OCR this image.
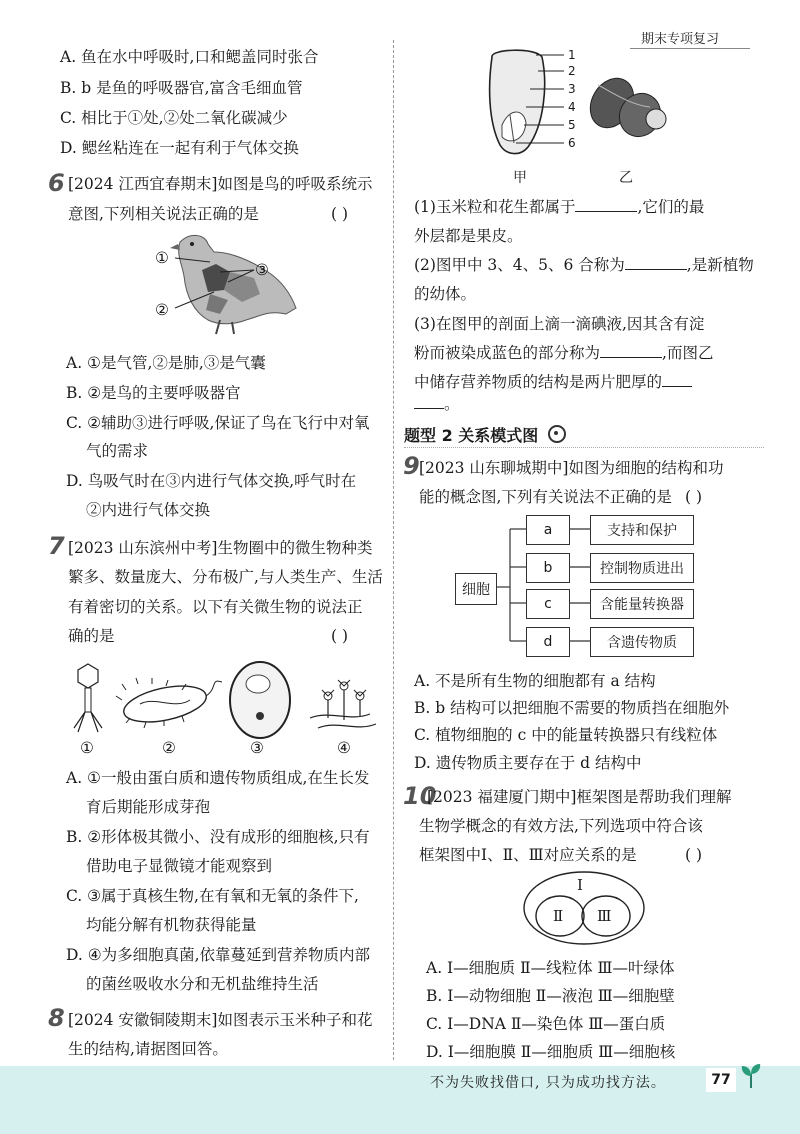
期末专项复习
A. 鱼在水中呼吸时,口和鳃盖同时张合
B. b 是鱼的呼吸器官,富含毛细血管
C. 相比于①处,②处二氧化碳减少
D. 鳃丝粘连在一起有利于气体交换
6 [2024 江西宜春期末]如图是鸟的呼吸系统示
意图,下列相关说法正确的是	( )
①
③
②
A. ①是气管,②是肺,③是气囊
B. ②是鸟的主要呼吸器官
C. ②辅助③进行呼吸,保证了鸟在飞行中对氧
气的需求
D. 鸟吸气时在③内进行气体交换,呼气时在
②内进行气体交换
7 [2023 山东滨州中考]生物圈中的微生物种类
繁多、数量庞大、分布极广,与人类生产、生活
有着密切的关系。以下有关微生物的说法正
确的是	( )
①	②	③	④
A. ①一般由蛋白质和遗传物质组成,在生长发
育后期能形成芽孢
B. ②形体极其微小、没有成形的细胞核,只有
借助电子显微镜才能观察到
C. ③属于真核生物,在有氧和无氧的条件下,
均能分解有机物获得能量
D. ④为多细胞真菌,依靠蔓延到营养物质内部
的菌丝吸收水分和无机盐维持生活
8 [2024 安徽铜陵期末]如图表示玉米种子和花
生的结构,请据图回答。
1
2
3
4
5
6
甲	乙
(1)玉米粒和花生都属于	,它们的最
外层都是果皮。
(2)图甲中 3、4、5、6 合称为	,是新植物
的幼体。
(3)在图甲的剖面上滴一滴碘液,因其含有淀
粉而被染成蓝色的部分称为	,而图乙
中储存营养物质的结构是两片肥厚的
。
题型 2 关系模式图
9 [2023 山东聊城期中]如图为细胞的结构和功
能的概念图,下列有关说法不正确的是 ( )
细胞
a
b
c
d
支持和保护
控制物质进出
含能量转换器
含遗传物质
A. 不是所有生物的细胞都有 a 结构
B. b 结构可以把细胞不需要的物质挡在细胞外
C. 植物细胞的 c 中的能量转换器只有线粒体
D. 遗传物质主要存在于 d 结构中
10
[2023 福建厦门期中]框架图是帮助我们理解
生物学概念的有效方法,下列选项中符合该
框架图中Ⅰ、Ⅱ、Ⅲ对应关系的是	( )
Ⅰ
Ⅱ Ⅲ
A. Ⅰ—细胞质 Ⅱ—线粒体 Ⅲ—叶绿体
B. Ⅰ—动物细胞 Ⅱ—液泡 Ⅲ—细胞壁
C. Ⅰ—DNA Ⅱ—染色体 Ⅲ—蛋白质
D. Ⅰ—细胞膜 Ⅱ—细胞质 Ⅲ—细胞核
不为失败找借口, 只为成功找方法。	77
